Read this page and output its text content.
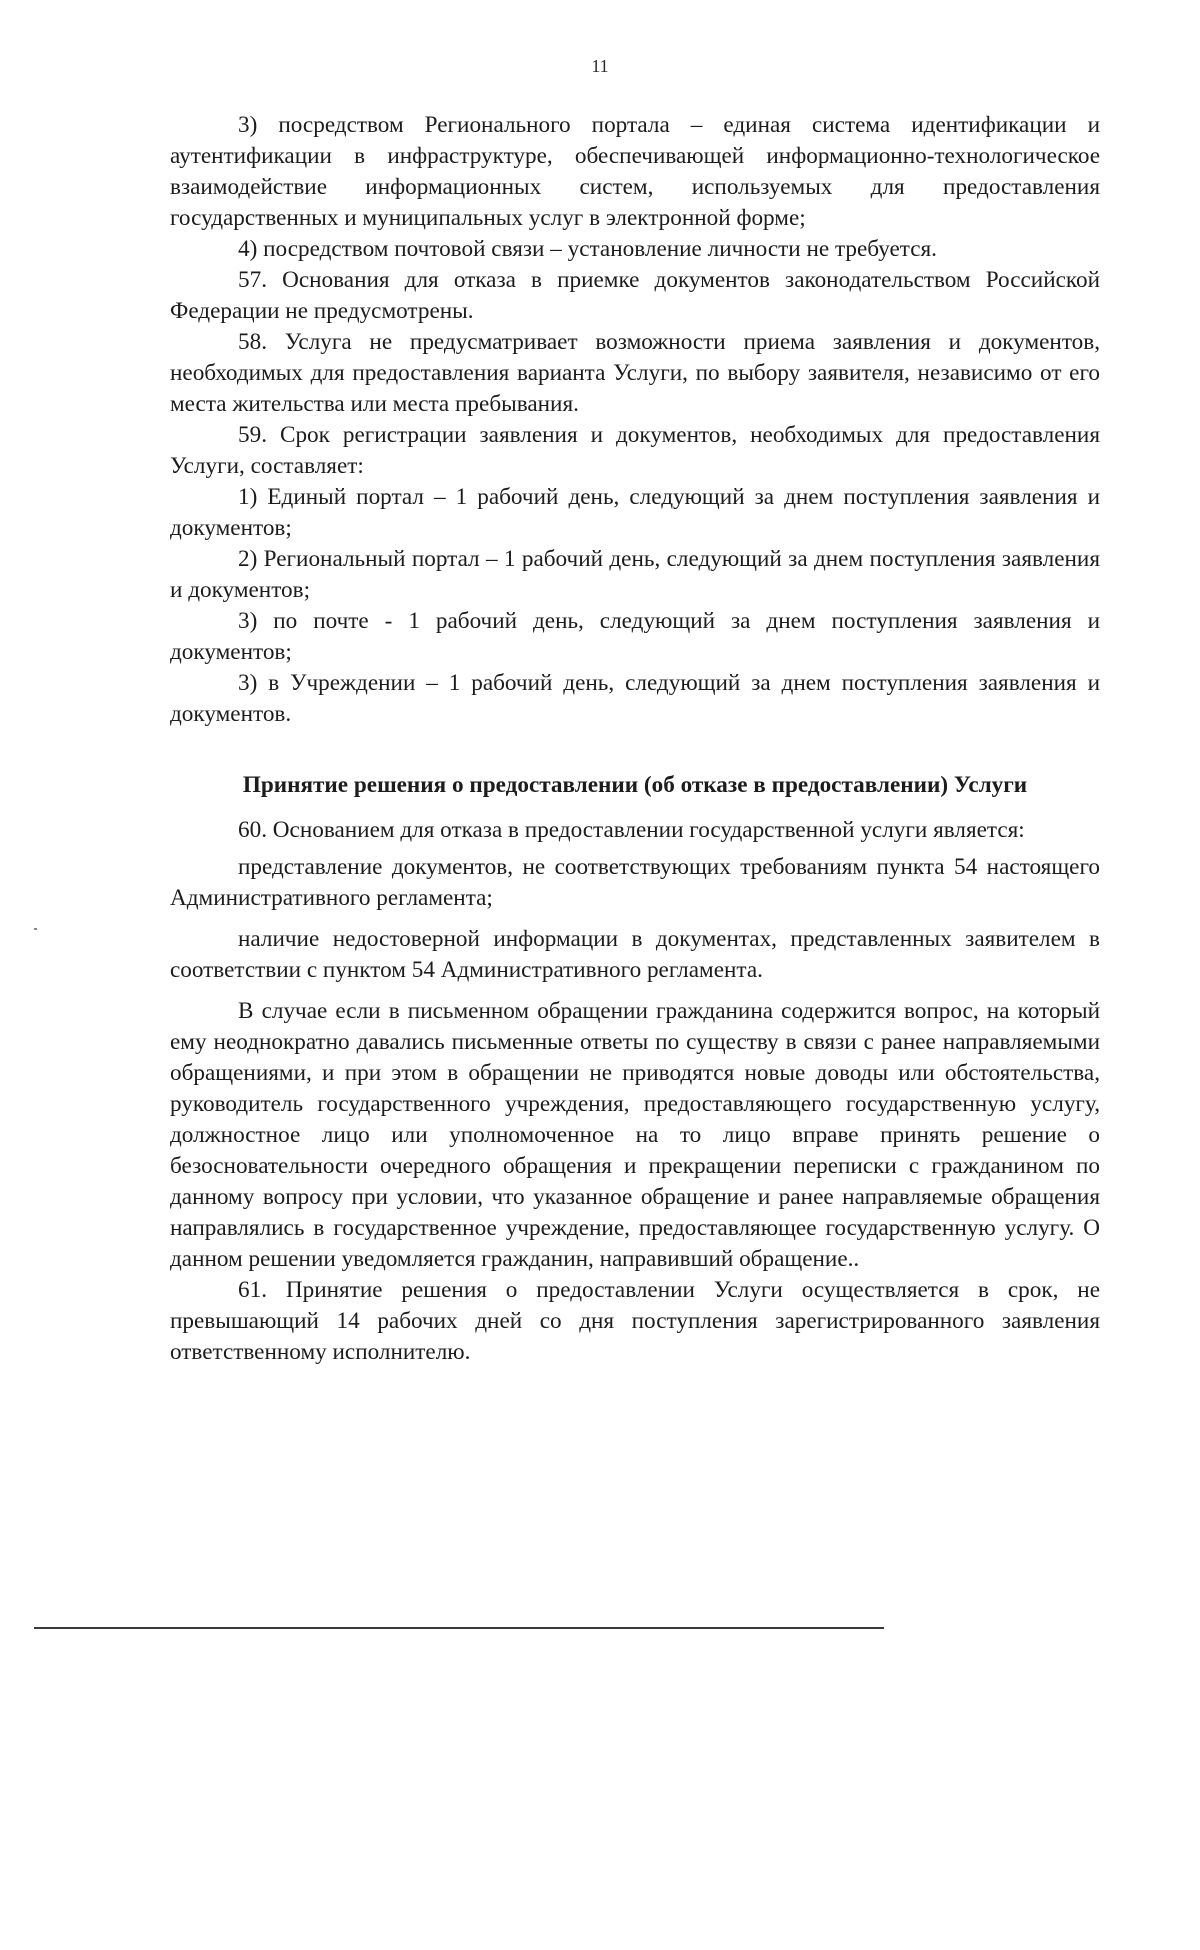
11

3) посредством Регионального портала – единая система идентификации и аутентификации в инфраструктуре, обеспечивающей информационно-технологическое взаимодействие информационных систем, используемых для предоставления государственных и муниципальных услуг в электронной форме;

4) посредством почтовой связи – установление личности не требуется.

57. Основания для отказа в приемке документов законодательством Российской Федерации не предусмотрены.

58. Услуга не предусматривает возможности приема заявления и документов, необходимых для предоставления варианта Услуги, по выбору заявителя, независимо от его места жительства или места пребывания.

59. Срок регистрации заявления и документов, необходимых для предоставления Услуги, составляет:

1) Единый портал – 1 рабочий день, следующий за днем поступления заявления и документов;

2) Региональный портал – 1 рабочий день, следующий за днем поступления заявления и документов;

3) по почте - 1 рабочий день, следующий за днем поступления заявления и документов;

3) в Учреждении – 1 рабочий день, следующий за днем поступления заявления и документов.

Принятие решения о предоставлении (об отказе в предоставлении) Услуги

60. Основанием для отказа в предоставлении государственной услуги является:

представление документов, не соответствующих требованиям пункта 54 настоящего Административного регламента;

наличие недостоверной информации в документах, представленных заявителем в соответствии с пунктом 54 Административного регламента.

В случае если в письменном обращении гражданина содержится вопрос, на который ему неоднократно давались письменные ответы по существу в связи с ранее направляемыми обращениями, и при этом в обращении не приводятся новые доводы или обстоятельства, руководитель государственного учреждения, предоставляющего государственную услугу, должностное лицо или уполномоченное на то лицо вправе принять решение о безосновательности очередного обращения и прекращении переписки с гражданином по данному вопросу при условии, что указанное обращение и ранее направляемые обращения направлялись в государственное учреждение, предоставляющее государственную услугу. О данном решении уведомляется гражданин, направивший обращение..

61. Принятие решения о предоставлении Услуги осуществляется в срок, не превышающий 14 рабочих дней со дня поступления зарегистрированного заявления ответственному исполнителю.
